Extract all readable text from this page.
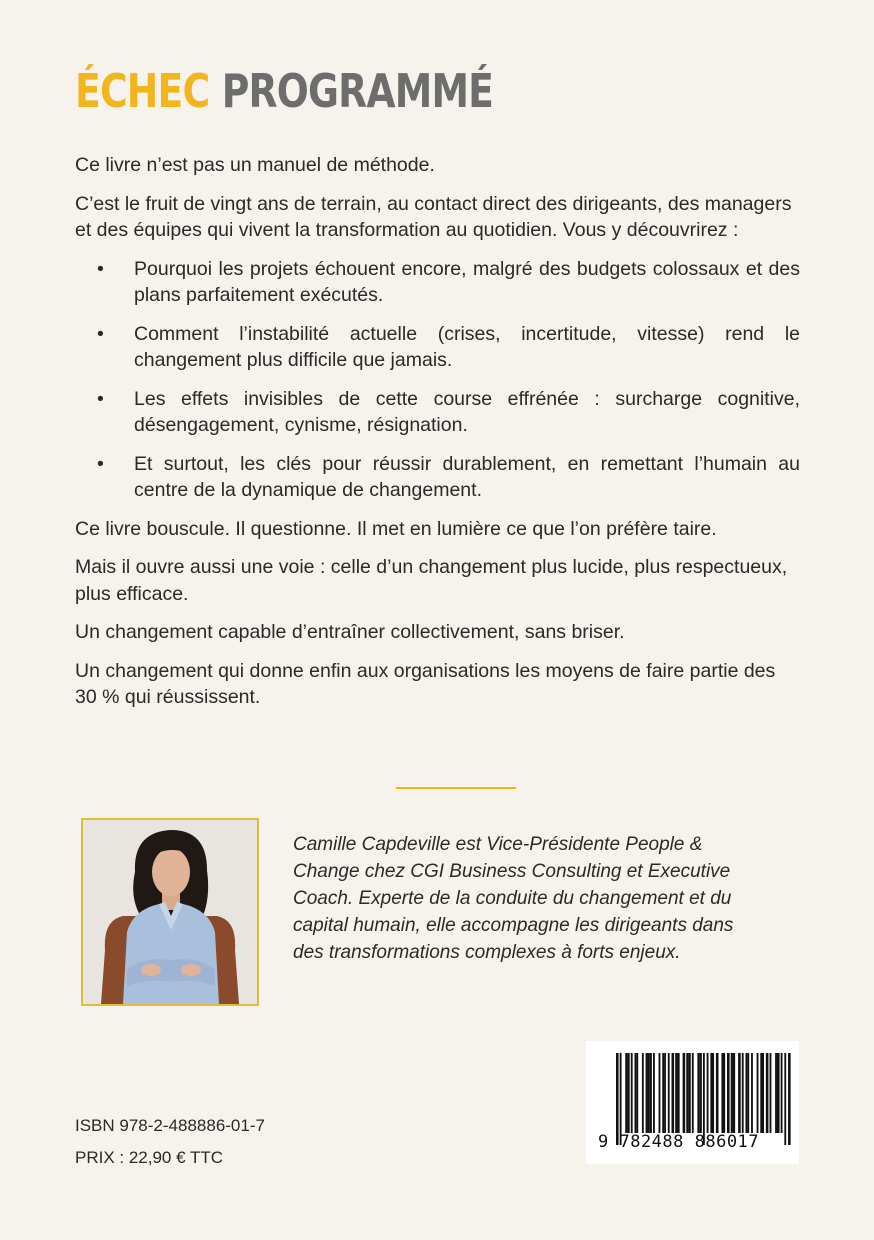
ÉCHEC PROGRAMMÉ

Ce livre n’est pas un manuel de méthode.

C’est le fruit de vingt ans de terrain, au contact direct des dirigeants, des managers et des équipes qui vivent la transformation au quotidien. Vous y découvrirez :

• Pourquoi les projets échouent encore, malgré des budgets colossaux et des plans parfaitement exécutés.
• Comment l’instabilité actuelle (crises, incertitude, vitesse) rend le changement plus difficile que jamais.
• Les effets invisibles de cette course effrénée : surcharge cognitive, désengagement, cynisme, résignation.
• Et surtout, les clés pour réussir durablement, en remettant l’humain au centre de la dynamique de changement.

Ce livre bouscule. Il questionne. Il met en lumière ce que l’on préfère taire.

Mais il ouvre aussi une voie : celle d’un changement plus lucide, plus respectueux, plus efficace.

Un changement capable d’entraîner collectivement, sans briser.

Un changement qui donne enfin aux organisations les moyens de faire partie des 30 % qui réussissent.

Camille Capdeville est Vice-Présidente People & Change chez CGI Business Consulting et Executive Coach. Experte de la conduite du changement et du capital humain, elle accompagne les dirigeants dans des transformations complexes à forts enjeux.

9 782488 886017

ISBN 978-2-488886-01-7

PRIX : 22,90 € TTC
